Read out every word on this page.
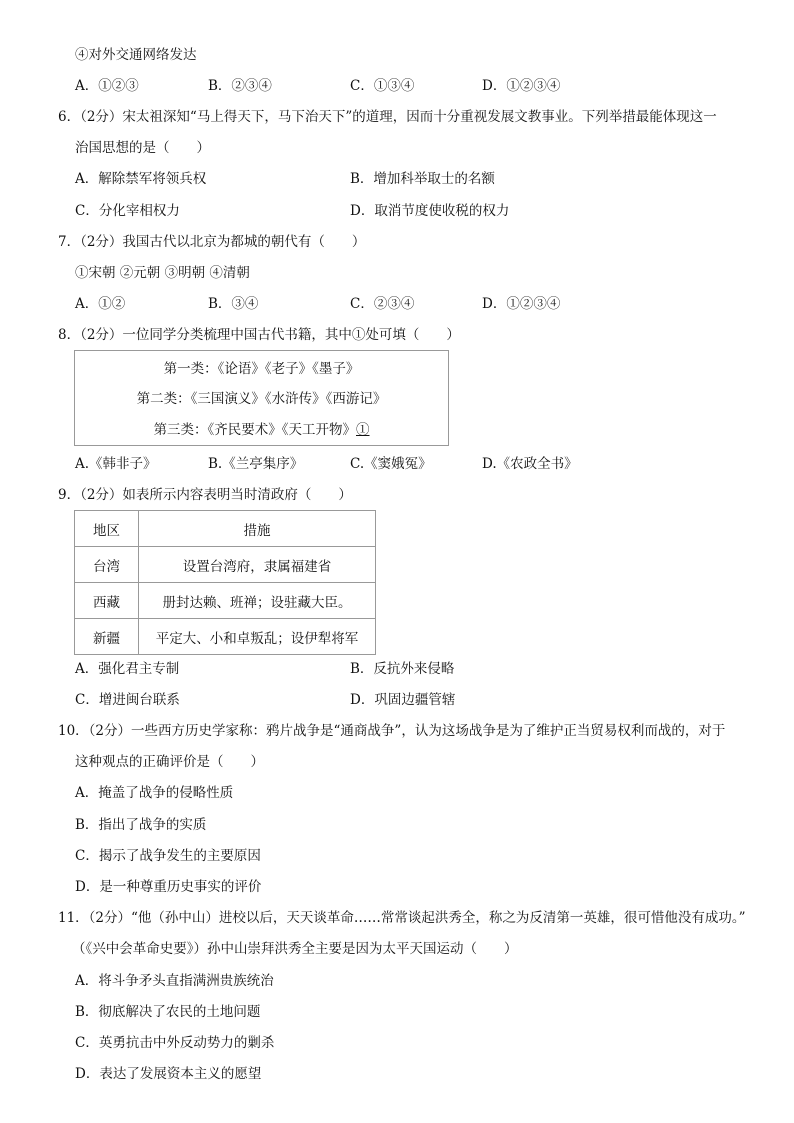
④对外交通网络发达
A．①②③	B．②③④	C．①③④	D．①②③④
6．（2分）宋太祖深知“马上得天下，马下治天下”的道理，因而十分重视发展文教事业。下列举措最能体现这一
治国思想的是（　　）
A．解除禁军将领兵权	B．增加科举取士的名额
C．分化宰相权力	D．取消节度使收税的权力
7．（2分）我国古代以北京为都城的朝代有（　　）
①宋朝 ②元朝 ③明朝 ④清朝
A．①②	B．③④	C．②③④	D．①②③④
8．（2分）一位同学分类梳理中国古代书籍，其中①处可填（　　）
第一类：《论语》《老子》《墨子》
第二类：《三国演义》《水浒传》《西游记》
第三类：《齐民要术》《天工开物》①
A.《韩非子》	B.《兰亭集序》	C.《窦娥冤》	D.《农政全书》
9．（2分）如表所示内容表明当时清政府（　　）
地区	措施
台湾	设置台湾府，隶属福建省
西藏	册封达赖、班禅；设驻藏大臣。
新疆	平定大、小和卓叛乱；设伊犁将军
A．强化君主专制	B．反抗外来侵略
C．增进闽台联系	D．巩固边疆管辖
10．（2分）一些西方历史学家称：鸦片战争是“通商战争”，认为这场战争是为了维护正当贸易权利而战的，对于
这种观点的正确评价是（　　）
A．掩盖了战争的侵略性质
B．指出了战争的实质
C．揭示了战争发生的主要原因
D．是一种尊重历史事实的评价
11．（2分）“他（孙中山）进校以后，天天谈革命……常常谈起洪秀全，称之为反清第一英雄，很可惜他没有成功。”
（《兴中会革命史要》）孙中山崇拜洪秀全主要是因为太平天国运动（　　）
A．将斗争矛头直指满洲贵族统治
B．彻底解决了农民的土地问题
C．英勇抗击中外反动势力的剿杀
D．表达了发展资本主义的愿望
